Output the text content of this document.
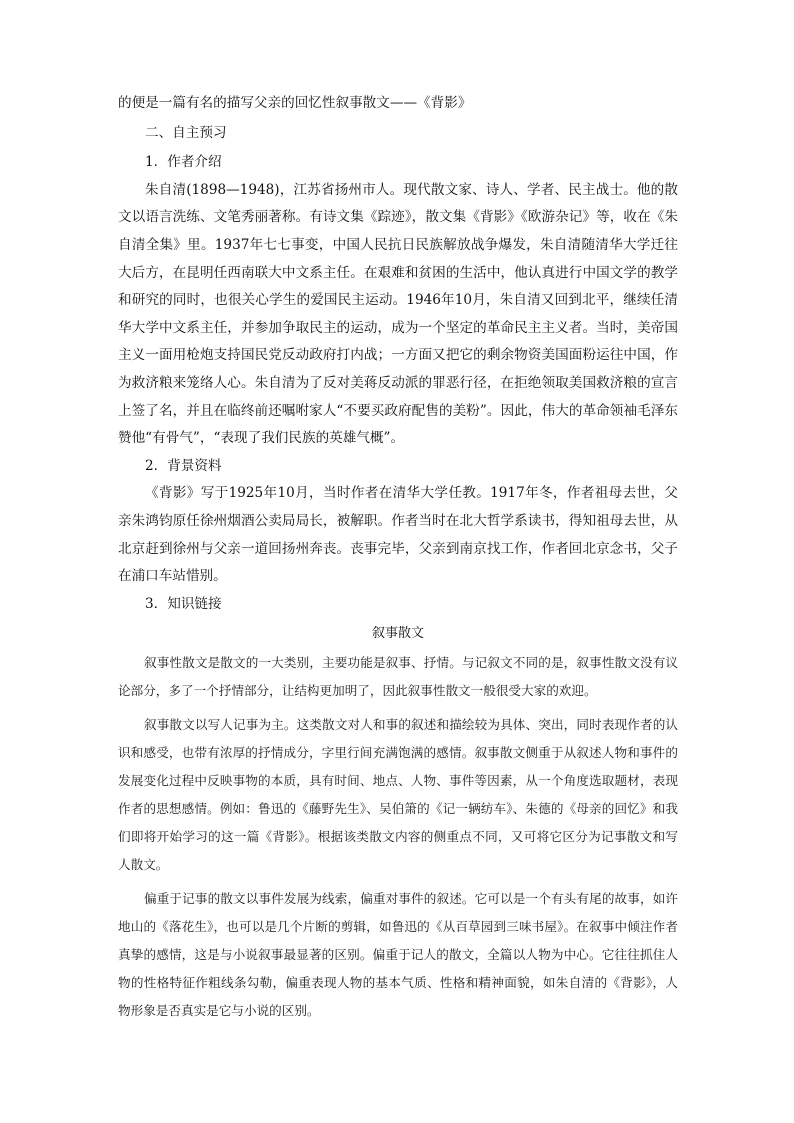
的便是一篇有名的描写父亲的回忆性叙事散文——《背影》

二、自主预习

1．作者介绍

朱自清(1898—1948)，江苏省扬州市人。现代散文家、诗人、学者、民主战士。他的散文以语言洗练、文笔秀丽著称。有诗文集《踪迹》，散文集《背影》《欧游杂记》等，收在《朱自清全集》里。1937年七七事变，中国人民抗日民族解放战争爆发，朱自清随清华大学迁往大后方，在昆明任西南联大中文系主任。在艰难和贫困的生活中，他认真进行中国文学的教学和研究的同时，也很关心学生的爱国民主运动。1946年10月，朱自清又回到北平，继续任清华大学中文系主任，并参加争取民主的运动，成为一个坚定的革命民主主义者。当时，美帝国主义一面用枪炮支持国民党反动政府打内战；一方面又把它的剩余物资美国面粉运往中国，作为救济粮来笼络人心。朱自清为了反对美蒋反动派的罪恶行径，在拒绝领取美国救济粮的宣言上签了名，并且在临终前还嘱咐家人“不要买政府配售的美粉”。因此，伟大的革命领袖毛泽东赞他“有骨气”，“表现了我们民族的英雄气概”。

2．背景资料

《背影》写于1925年10月，当时作者在清华大学任教。1917年冬，作者祖母去世，父亲朱鸿钧原任徐州烟酒公卖局局长，被解职。作者当时在北大哲学系读书，得知祖母去世，从北京赶到徐州与父亲一道回扬州奔丧。丧事完毕，父亲到南京找工作，作者回北京念书，父子在浦口车站惜别。

3．知识链接

叙事散文

叙事性散文是散文的一大类别，主要功能是叙事、抒情。与记叙文不同的是，叙事性散文没有议论部分，多了一个抒情部分，让结构更加明了，因此叙事性散文一般很受大家的欢迎。

叙事散文以写人记事为主。这类散文对人和事的叙述和描绘较为具体、突出，同时表现作者的认识和感受，也带有浓厚的抒情成分，字里行间充满饱满的感情。叙事散文侧重于从叙述人物和事件的发展变化过程中反映事物的本质，具有时间、地点、人物、事件等因素，从一个角度选取题材，表现作者的思想感情。例如：鲁迅的《藤野先生》、吴伯箫的《记一辆纺车》、朱德的《母亲的回忆》和我们即将开始学习的这一篇《背影》。根据该类散文内容的侧重点不同，又可将它区分为记事散文和写人散文。

偏重于记事的散文以事件发展为线索，偏重对事件的叙述。它可以是一个有头有尾的故事，如许地山的《落花生》，也可以是几个片断的剪辑，如鲁迅的《从百草园到三味书屋》。在叙事中倾注作者真挚的感情，这是与小说叙事最显著的区别。偏重于记人的散文，全篇以人物为中心。它往往抓住人物的性格特征作粗线条勾勒，偏重表现人物的基本气质、性格和精神面貌，如朱自清的《背影》，人物形象是否真实是它与小说的区别。
